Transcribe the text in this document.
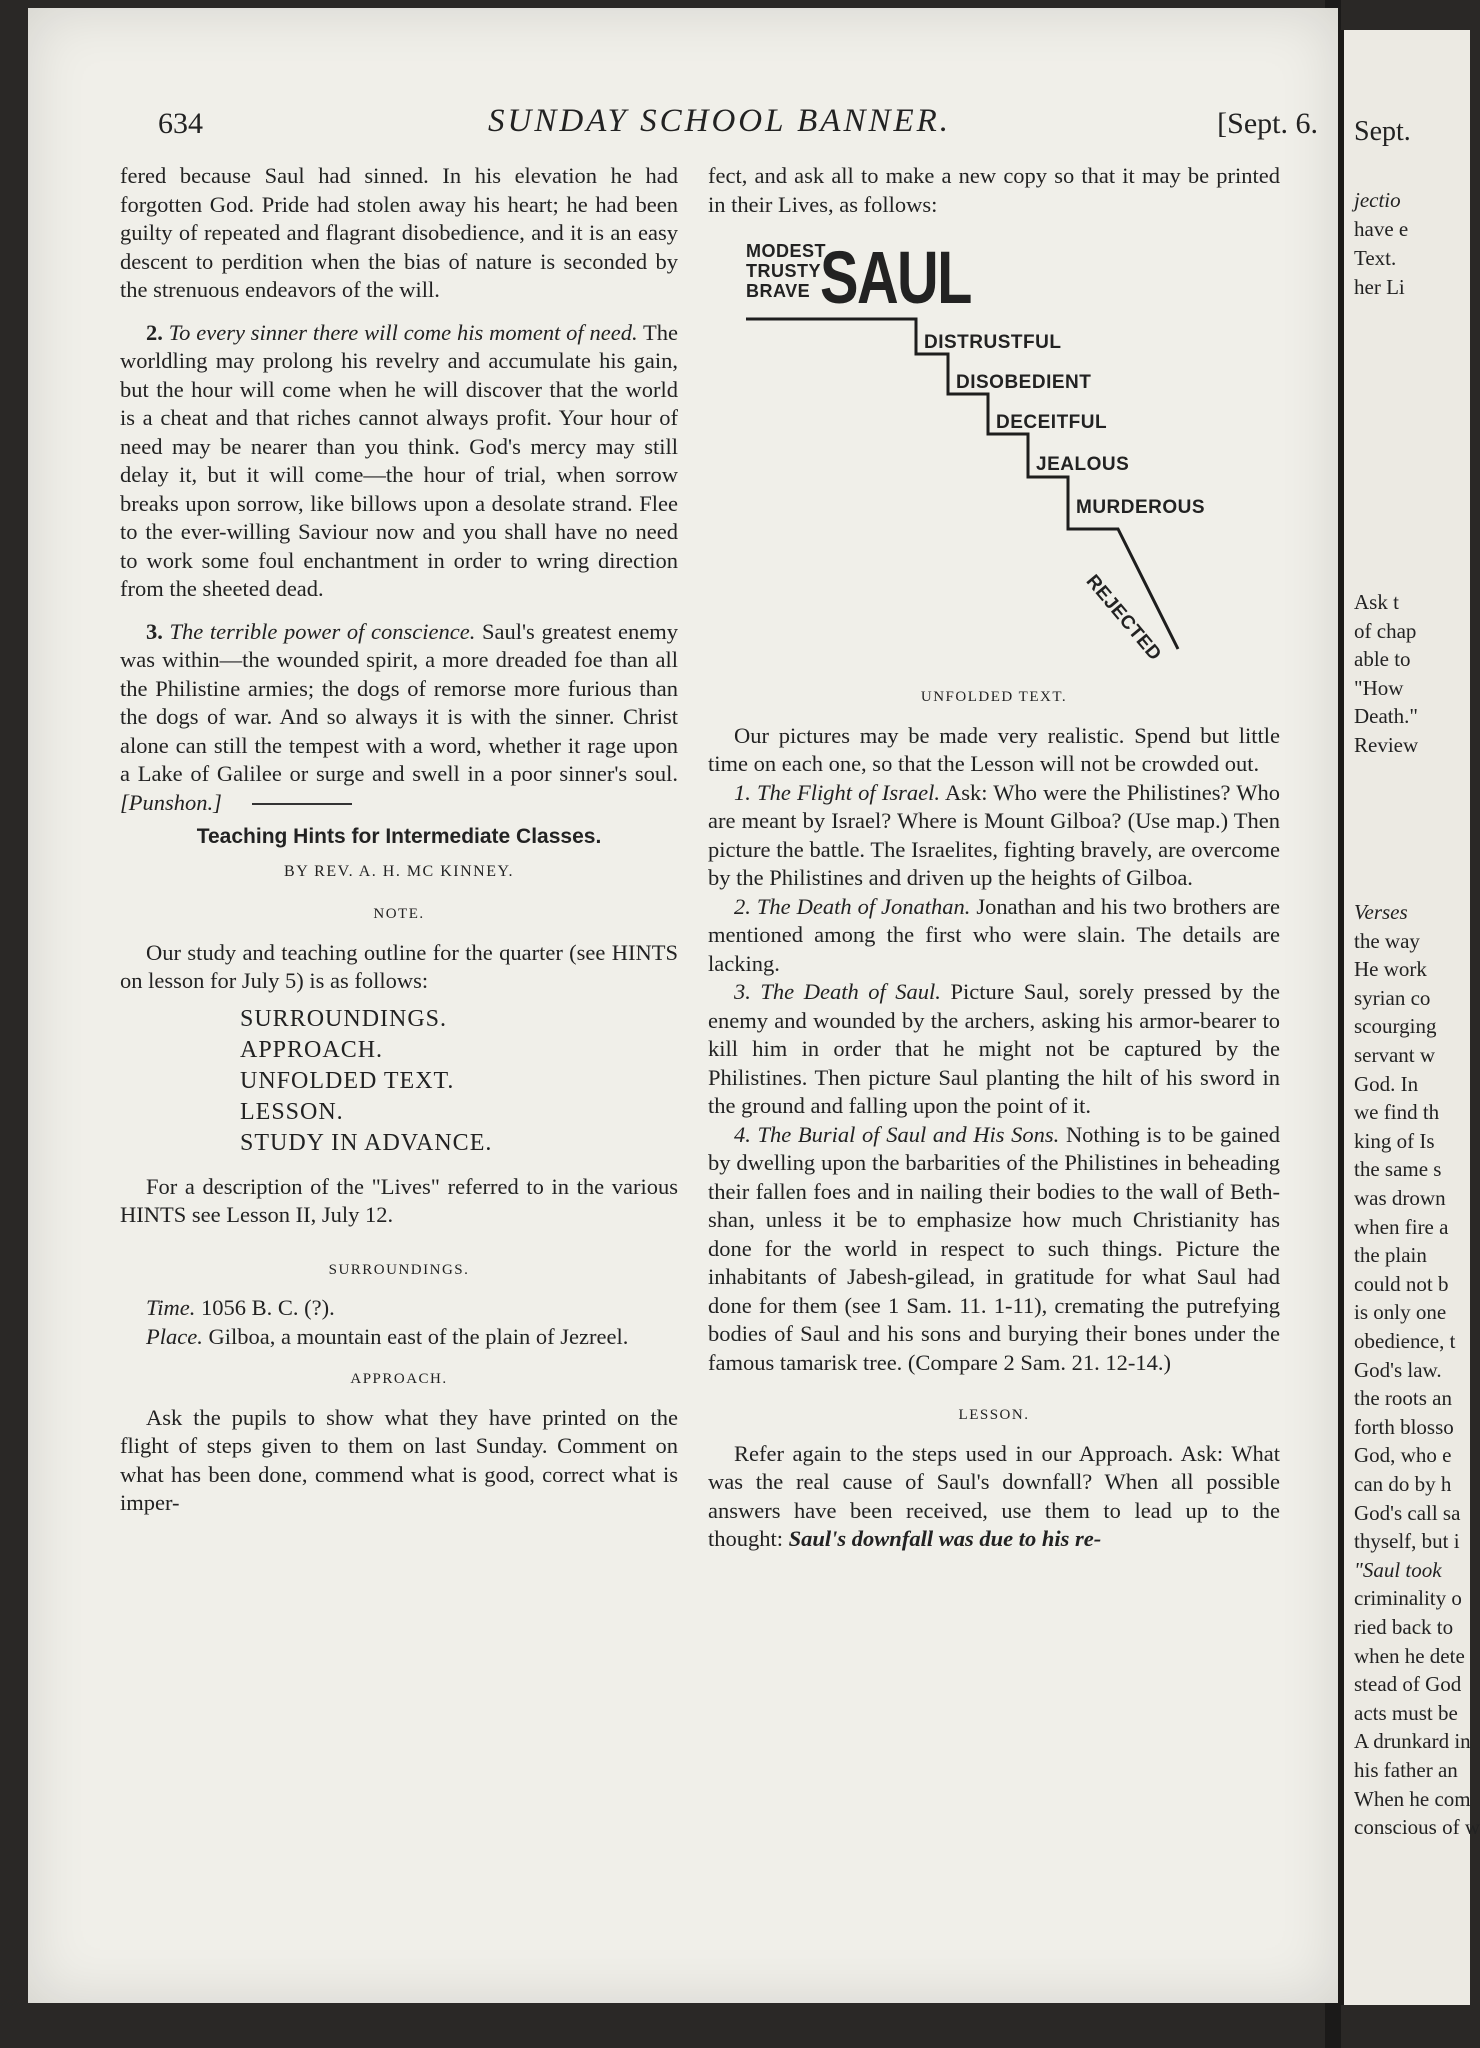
634	SUNDAY SCHOOL BANNER.	[Sept. 6.

fered because Saul had sinned. In his elevation he had forgotten God. Pride had stolen away his heart; he had been guilty of repeated and flagrant disobedience, and it is an easy descent to perdition when the bias of nature is seconded by the strenuous endeavors of the will.

2. To every sinner there will come his moment of need. The worldling may prolong his revelry and accumulate his gain, but the hour will come when he will discover that the world is a cheat and that riches cannot always profit. Your hour of need may be nearer than you think. God's mercy may still delay it, but it will come—the hour of trial, when sorrow breaks upon sorrow, like billows upon a desolate strand. Flee to the ever-willing Saviour now and you shall have no need to work some foul enchantment in order to wring direction from the sheeted dead.

3. The terrible power of conscience. Saul's greatest enemy was within—the wounded spirit, a more dreaded foe than all the Philistine armies; the dogs of remorse more furious than the dogs of war. And so always it is with the sinner. Christ alone can still the tempest with a word, whether it rage upon a Lake of Galilee or surge and swell in a poor sinner's soul. [Punshon.]

Teaching Hints for Intermediate Classes.
BY REV. A. H. MC KINNEY.
NOTE.

Our study and teaching outline for the quarter (see HINTS on lesson for July 5) is as follows:

SURROUNDINGS.
APPROACH.
UNFOLDED TEXT.
LESSON.
STUDY IN ADVANCE.

For a description of the "Lives" referred to in the various HINTS see Lesson II, July 12.

SURROUNDINGS.

Time. 1056 B. C. (?).

Place. Gilboa, a mountain east of the plain of Jezreel.

APPROACH.

Ask the pupils to show what they have printed on the flight of steps given to them on last Sunday. Comment on what has been done, commend what is good, correct what is imper-

fect, and ask all to make a new copy so that it may be printed in their Lives, as follows:

MODEST
TRUSTY
BRAVE SAUL
DISTRUSTFUL
DISOBEDIENT
DECEITFUL
JEALOUS
MURDEROUS
REJECTED
UNFOLDED TEXT.

Our pictures may be made very realistic. Spend but little time on each one, so that the Lesson will not be crowded out.

1. The Flight of Israel. Ask: Who were the Philistines? Who are meant by Israel? Where is Mount Gilboa? (Use map.) Then picture the battle. The Israelites, fighting bravely, are overcome by the Philistines and driven up the heights of Gilboa.

2. The Death of Jonathan. Jonathan and his two brothers are mentioned among the first who were slain. The details are lacking.

3. The Death of Saul. Picture Saul, sorely pressed by the enemy and wounded by the archers, asking his armor-bearer to kill him in order that he might not be captured by the Philistines. Then picture Saul planting the hilt of his sword in the ground and falling upon the point of it.

4. The Burial of Saul and His Sons. Nothing is to be gained by dwelling upon the barbarities of the Philistines in beheading their fallen foes and in nailing their bodies to the wall of Beth-shan, unless it be to emphasize how much Christianity has done for the world in respect to such things. Picture the inhabitants of Jabesh-gilead, in gratitude for what Saul had done for them (see 1 Sam. 11. 1-11), cremating the putrefying bodies of Saul and his sons and burying their bones under the famous tamarisk tree. (Compare 2 Sam. 21. 12-14.)

LESSON.

Refer again to the steps used in our Approach. Ask: What was the real cause of Saul's downfall? When all possible answers have been received, use them to lead up to the thought: Saul's downfall was due to his re-

Sept.
jectio
have e
Text.
her Li
Ask t
of chap
able to
"How
Death."
Review
Verses
the way
He work
syrian co
scourging
servant w
God. In
we find th
king of Is
the same s
was drown
when fire a
the plain
could not b
is only one
obedience, t
God's law.
the roots an
forth blosso
God, who e
can do by h
God's call sa
thyself, but i
"Saul took
criminality o
ried back to
when he dete
stead of God
acts must be
A drunkard in
his father an
When he com
conscious of w
